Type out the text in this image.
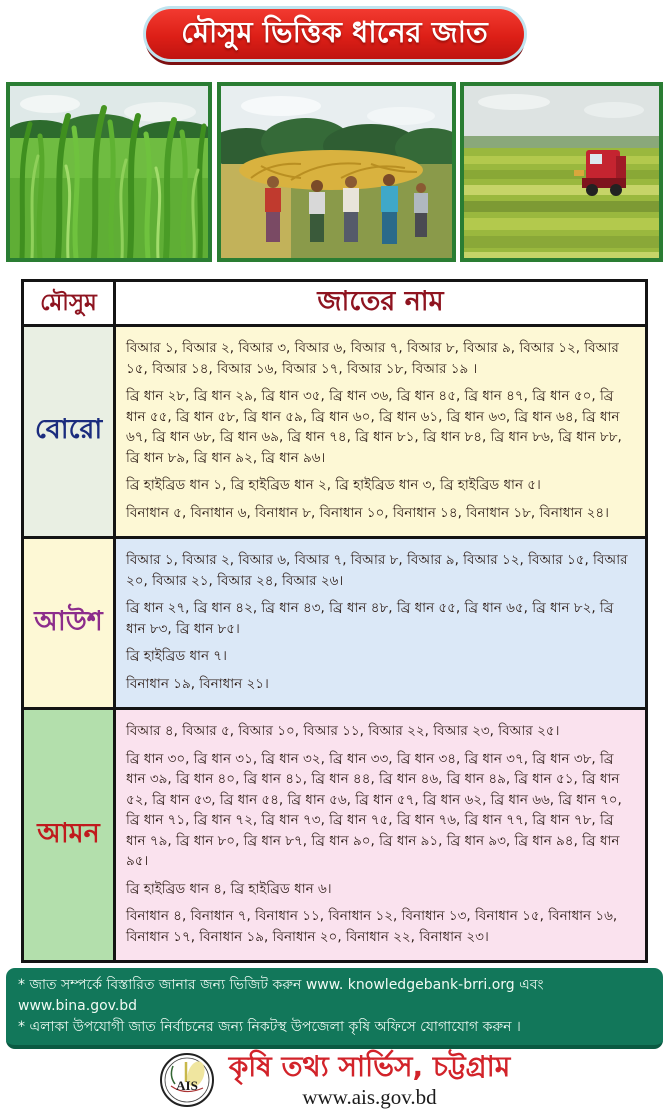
মৌসুম ভিত্তিক ধানের জাত
মৌসুম	জাতের নাম
বোরো

বিআর ১, বিআর ২, বিআর ৩, বিআর ৬, বিআর ৭, বিআর ৮, বিআর ৯, বিআর ১২, বিআর ১৫, বিআর ১৪, বিআর ১৬, বিআর ১৭, বিআর ১৮, বিআর ১৯ ।

ব্রি ধান ২৮, ব্রি ধান ২৯, ব্রি ধান ৩৫, ব্রি ধান ৩৬, ব্রি ধান ৪৫, ব্রি ধান ৪৭, ব্রি ধান ৫০, ব্রি ধান ৫৫, ব্রি ধান ৫৮, ব্রি ধান ৫৯, ব্রি ধান ৬০, ব্রি ধান ৬১, ব্রি ধান ৬৩, ব্রি ধান ৬৪, ব্রি ধান ৬৭, ব্রি ধান ৬৮, ব্রি ধান ৬৯, ব্রি ধান ৭৪, ব্রি ধান ৮১, ব্রি ধান ৮৪, ব্রি ধান ৮৬, ব্রি ধান ৮৮, ব্রি ধান ৮৯, ব্রি ধান ৯২, ব্রি ধান ৯৬।

ব্রি হাইব্রিড ধান ১, ব্রি হাইব্রিড ধান ২, ব্রি হাইব্রিড ধান ৩, ব্রি হাইব্রিড ধান ৫।

বিনাধান ৫, বিনাধান ৬, বিনাধান ৮, বিনাধান ১০, বিনাধান ১৪, বিনাধান ১৮, বিনাধান ২৪।

আউশ

বিআর ১, বিআর ২, বিআর ৬, বিআর ৭, বিআর ৮, বিআর ৯, বিআর ১২, বিআর ১৫, বিআর ২০, বিআর ২১, বিআর ২৪, বিআর ২৬।

ব্রি ধান ২৭, ব্রি ধান ৪২, ব্রি ধান ৪৩, ব্রি ধান ৪৮, ব্রি ধান ৫৫, ব্রি ধান ৬৫, ব্রি ধান ৮২, ব্রি ধান ৮৩, ব্রি ধান ৮৫।

ব্রি হাইব্রিড ধান ৭।

বিনাধান ১৯, বিনাধান ২১।

আমন

বিআর ৪, বিআর ৫, বিআর ১০, বিআর ১১, বিআর ২২, বিআর ২৩, বিআর ২৫।

ব্রি ধান ৩০, ব্রি ধান ৩১, ব্রি ধান ৩২, ব্রি ধান ৩৩, ব্রি ধান ৩৪, ব্রি ধান ৩৭, ব্রি ধান ৩৮, ব্রি ধান ৩৯, ব্রি ধান ৪০, ব্রি ধান ৪১, ব্রি ধান ৪৪, ব্রি ধান ৪৬, ব্রি ধান ৪৯, ব্রি ধান ৫১, ব্রি ধান ৫২, ব্রি ধান ৫৩, ব্রি ধান ৫৪, ব্রি ধান ৫৬, ব্রি ধান ৫৭, ব্রি ধান ৬২, ব্রি ধান ৬৬, ব্রি ধান ৭০, ব্রি ধান ৭১, ব্রি ধান ৭২, ব্রি ধান ৭৩, ব্রি ধান ৭৫, ব্রি ধান ৭৬, ব্রি ধান ৭৭, ব্রি ধান ৭৮, ব্রি ধান ৭৯, ব্রি ধান ৮০, ব্রি ধান ৮৭, ব্রি ধান ৯০, ব্রি ধান ৯১, ব্রি ধান ৯৩, ব্রি ধান ৯৪, ব্রি ধান ৯৫।

ব্রি হাইব্রিড ধান ৪, ব্রি হাইব্রিড ধান ৬।

বিনাধান ৪, বিনাধান ৭, বিনাধান ১১, বিনাধান ১২, বিনাধান ১৩, বিনাধান ১৫, বিনাধান ১৬, বিনাধান ১৭, বিনাধান ১৯, বিনাধান ২০, বিনাধান ২২, বিনাধান ২৩।

* জাত সম্পর্কে বিস্তারিত জানার জন্য ভিজিট করুন www. knowledgebank-brri.org এবং www.bina.gov.bd

* এলাকা উপযোগী জাত নির্বাচনের জন্য নিকটস্থ উপজেলা কৃষি অফিসে যোগাযোগ করুন ।

AIS
কৃষি তথ্য সার্ভিস, চট্টগ্রাম
www.ais.gov.bd
